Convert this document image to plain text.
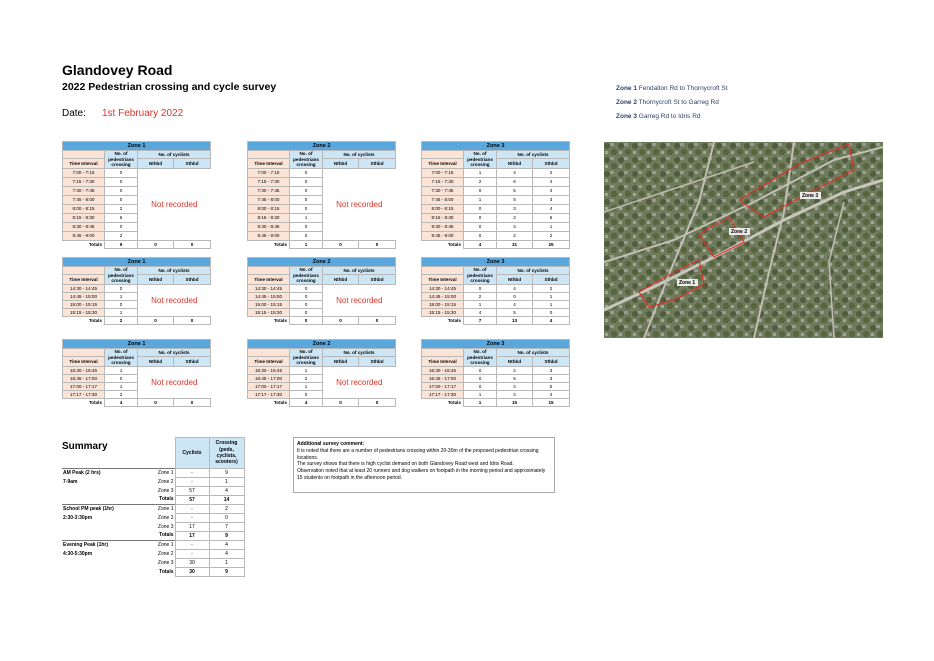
Glandovey Road
2022 Pedestrian crossing and cycle survey
Date: 1st February 2022
Zone 1 Fendalton Rd to Thornycroft St
Zone 2 Thornycroft St to Garreg Rd
Zone 3 Garreg Rd to Idris Rd
Zone 1			
	No. of pedestrians crossing	No. of cyclists	
Time Interval		Nthbd	Sthbd
7:00 - 7:15	0	Not recorded	
7:15 - 7:30	0		
7:30 - 7:45	0		
7:45 - 8:00	0		
8:00 - 8:15	2		
8:15 - 8:30	6		
8:30 - 8:45	0		
8:45 - 9:00	2		
Totals	9	0	0
Zone 2			
	No. of pedestrians crossing	No. of cyclists	
Time Interval		Nthbd	Sthbd
7:00 - 7:15	0	Not recorded	
7:15 - 7:30	0		
7:30 - 7:45	0		
7:45 - 8:00	0		
8:00 - 8:15	0		
8:15 - 8:30	1		
8:30 - 8:45	0		
8:45 - 9:00	0		
Totals	1	0	0
Zone 3			
	No. of pedestrians crossing	No. of cyclists	
Time Interval		Nthbd	Sthbd
7:00 - 7:15	1	4	2
7:15 - 7:30	2	6	4
7:30 - 7:45	0	5	4
7:45 - 8:00	1	5	3
8:00 - 8:15	0	3	4
8:15 - 8:30	0	2	6
8:30 - 8:45	0	4	1
8:45 - 9:00	0	2	2
Totals	4	31	26
Zone 1			
	No. of pedestrians crossing	No. of cyclists	
Time Interval		Nthbd	Sthbd
14:30 - 14:45	0	Not recorded	
14:45 - 15:00	1		
15:00 - 15:15	0		
15:15 - 15:30	1		
Totals	2	0	0
Zone 2			
	No. of pedestrians crossing	No. of cyclists	
Time Interval		Nthbd	Sthbd
14:30 - 14:45	0	Not recorded	
14:45 - 15:00	0		
15:00 - 15:15	0		
15:15 - 15:30	0		
Totals	0	0	0
Zone 3			
	No. of pedestrians crossing	No. of cyclists	
Time Interval		Nthbd	Sthbd
14:30 - 14:45	0	4	2
14:45 - 15:00	2	0	1
15:00 - 15:15	1	4	1
15:15 - 15:30	4	5	0
Totals	7	13	4
Zone 1			
	No. of pedestrians crossing	No. of cyclists	
Time Interval		Nthbd	Sthbd
16:30 - 16:45	1	Not recorded	
16:45 - 17:00	0		
17:00 - 17:17	1		
17:17 - 17:30	2		
Totals	4	0	0
Zone 2			
	No. of pedestrians crossing	No. of cyclists	
Time Interval		Nthbd	Sthbd
16:30 - 16:45	1	Not recorded	
16:45 - 17:00	2		
17:00 - 17:17	1		
17:17 - 17:30	0		
Totals	4	0	0
Zone 3			
	No. of pedestrians crossing	No. of cyclists	
Time Interval		Nthbd	Sthbd
16:30 - 16:45	0	2	3
16:45 - 17:00	0	5	3
17:00 - 17:17	0	4	5
17:17 - 17:30	1	4	4
Totals	1	15	15
Zone 1
Zone 2
Zone 3
Summary
		Cyclists	Crossing (peds, cyclists, scooters)
AM Peak (2 hrs)	Zone 1	-	9
7-9am	Zone 2	-	1
	Zone 3	57	4
	Totals	57	14
School PM peak (1hr)	Zone 1	-	2
2:30-3:30pm	Zone 2	-	0
	Zone 3	17	7
	Totals	17	9
Evening Peak (1hr)	Zone 1	-	4
4:30-5:30pm	Zone 2	-	4
	Zone 3	30	1
	Totals	30	9
Additional survey comment:
It is noted that there are a number of pedestrians crossing within 20-30m of the proposed pedestrian crossing locations.
The survey shows that there is high cyclist demand on both Glandovey Road west and Idris Road.
Observation noted that at least 20 runners and dog walkers on footpath in the morning period and approximately 15 students on footpath in the afternoon period.
